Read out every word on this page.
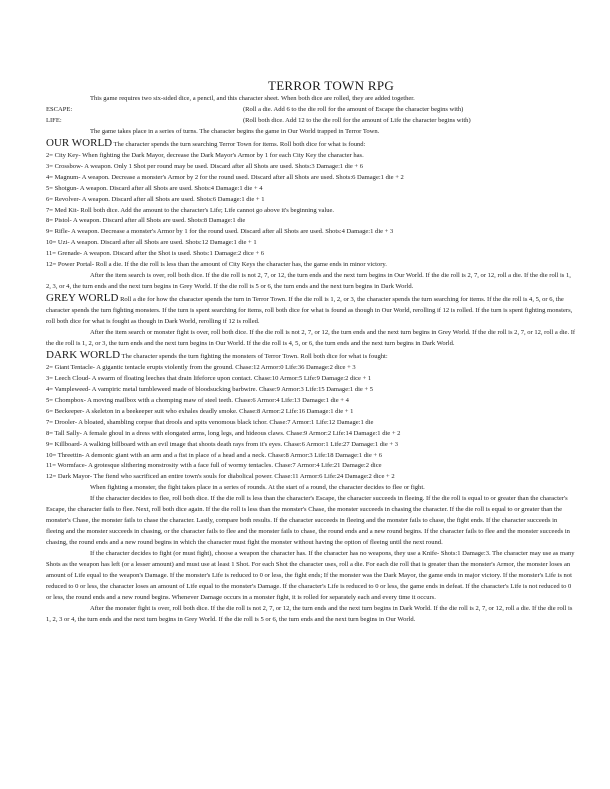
TERROR TOWN RPG

This game requires two six-sided dice, a pencil, and this character sheet. When both dice are rolled, they are added together.

ESCAPE:	(Roll a die. Add 6 to the die roll for the amount of Escape the character begins with)
LIFE:	(Roll both dice. Add 12 to the die roll for the amount of Life the character begins with)

The game takes place in a series of turns. The character begins the game in Our World trapped in Terror Town.

OUR WORLD The character spends the turn searching Terror Town for items. Roll both dice for what is found:

2= City Key- When fighting the Dark Mayor, decrease the Dark Mayor's Armor by 1 for each City Key the character has.
3= Crossbow- A weapon. Only 1 Shot per round may be used. Discard after all Shots are used. Shots:3 Damage:1 die + 6
4= Magnum- A weapon. Decrease a monster's Armor by 2 for the round used. Discard after all Shots are used. Shots:6 Damage:1 die + 2
5= Shotgun- A weapon. Discard after all Shots are used. Shots:4 Damage:1 die + 4
6= Revolver- A weapon. Discard after all Shots are used. Shots:6 Damage:1 die + 1
7= Med Kit- Roll both dice. Add the amount to the character's Life; Life cannot go above it's beginning value.
8= Pistol- A weapon. Discard after all Shots are used. Shots:8 Damage:1 die
9= Rifle- A weapon. Decrease a monster's Armor by 1 for the round used. Discard after all Shots are used. Shots:4 Damage:1 die + 3
10= Uzi- A weapon. Discard after all Shots are used. Shots:12 Damage:1 die + 1
11= Grenade- A weapon. Discard after the Shot is used. Shots:1 Damage:2 dice + 6
12= Power Portal- Roll a die. If the die roll is less than the amount of City Keys the character has, the game ends in minor victory.

After the item search is over, roll both dice. If the die roll is not 2, 7, or 12, the turn ends and the next turn begins in Our World. If the die roll is 2, 7, or 12, roll a die. If the die roll is 1, 2, 3, or 4, the turn ends and the next turn begins in Grey World. If the die roll is 5 or 6, the turn ends and the next turn begins in Dark World.

GREY WORLD Roll a die for how the character spends the turn in Terror Town. If the die roll is 1, 2, or 3, the character spends the turn searching for items. If the die roll is 4, 5, or 6, the character spends the turn fighting monsters. If the turn is spent searching for items, roll both dice for what is found as though in Our World, rerolling if 12 is rolled. If the turn is spent fighting monsters, roll both dice for what is fought as though in Dark World, rerolling if 12 is rolled.

After the item search or monster fight is over, roll both dice. If the die roll is not 2, 7, or 12, the turn ends and the next turn begins in Grey World. If the die roll is 2, 7, or 12, roll a die. If the die roll is 1, 2, or 3, the turn ends and the next turn begins in Our World. If the die roll is 4, 5, or 6, the turn ends and the next turn begins in Dark World.

DARK WORLD The character spends the turn fighting the monsters of Terror Town. Roll both dice for what is fought:

2= Giant Tentacle- A gigantic tentacle erupts violently from the ground. Chase:12 Armor:0 Life:36 Damage:2 dice + 3
3= Leech Cloud- A swarm of floating leeches that drain lifeforce upon contact. Chase:10 Armor:5 Life:9 Damage:2 dice + 1
4= Vampleweed- A vampiric metal tumbleweed made of bloodsucking barbwire. Chase:9 Armor:3 Life:15 Damage:1 die + 5
5= Chompbox- A moving mailbox with a chomping maw of steel teeth. Chase:6 Armor:4 Life:13 Damage:1 die + 4
6= Beckeeper- A skeleton in a beekeeper suit who exhales deadly smoke. Chase:8 Armor:2 Life:16 Damage:1 die + 1
7= Drooler- A bloated, shambling corpse that drools and spits venomous black ichor. Chase:7 Armor:1 Life:12 Damage:1 die
8= Tall Sally- A female ghoul in a dress with elongated arms, long legs, and hideous claws. Chase:9 Armor:2 Life:14 Damage:1 die + 2
9= Killboard- A walking billboard with an evil image that shoots death rays from it's eyes. Chase:6 Armor:1 Life:27 Damage:1 die + 3
10= Threettin- A demonic giant with an arm and a fist in place of a head and a neck. Chase:8 Armor:3 Life:18 Damage:1 die + 6
11= Wormface- A grotesque slithering monstrosity with a face full of wormy tentacles. Chase:7 Armor:4 Life:21 Damage:2 dice
12= Dark Mayor- The fiend who sacrificed an entire town's souls for diabolical power. Chase:11 Armor:6 Life:24 Damage:2 dice + 2

When fighting a monster, the fight takes place in a series of rounds. At the start of a round, the character decides to flee or fight.

If the character decides to flee, roll both dice. If the die roll is less than the character's Escape, the character succeeds in fleeing. If the die roll is equal to or greater than the character's Escape, the character fails to flee. Next, roll both dice again. If the die roll is less than the monster's Chase, the monster succeeds in chasing the character. If the die roll is equal to or greater than the monster's Chase, the monster fails to chase the character. Lastly, compare both results. If the character succeeds in fleeing and the monster fails to chase, the fight ends. If the character succeeds in fleeing and the monster succeeds in chasing, or the character fails to flee and the monster fails to chase, the round ends and a new round begins. If the character fails to flee and the monster succeeds in chasing, the round ends and a new round begins in which the character must fight the monster without having the option of fleeing until the next round.

If the character decides to fight (or must fight), choose a weapon the character has. If the character has no weapons, they use a Knife- Shots:1 Damage:3. The character may use as many Shots as the weapon has left (or a lesser amount) and must use at least 1 Shot. For each Shot the character uses, roll a die. For each die roll that is greater than the monster's Armor, the monster loses an amount of Life equal to the weapon's Damage. If the monster's Life is reduced to 0 or less, the fight ends; If the monster was the Dark Mayor, the game ends in major victory. If the monster's Life is not reduced to 0 or less, the character loses an amount of Life equal to the monster's Damage. If the character's Life is reduced to 0 or less, the game ends in defeat. If the character's Life is not reduced to 0 or less, the round ends and a new round begins. Whenever Damage occurs in a monster fight, it is rolled for separately each and every time it occurs.

After the monster fight is over, roll both dice. If the die roll is not 2, 7, or 12, the turn ends and the next turn begins in Dark World. If the die roll is 2, 7, or 12, roll a die. If the die roll is 1, 2, 3 or 4, the turn ends and the next turn begins in Grey World. If the die roll is 5 or 6, the turn ends and the next turn begins in Our World.
